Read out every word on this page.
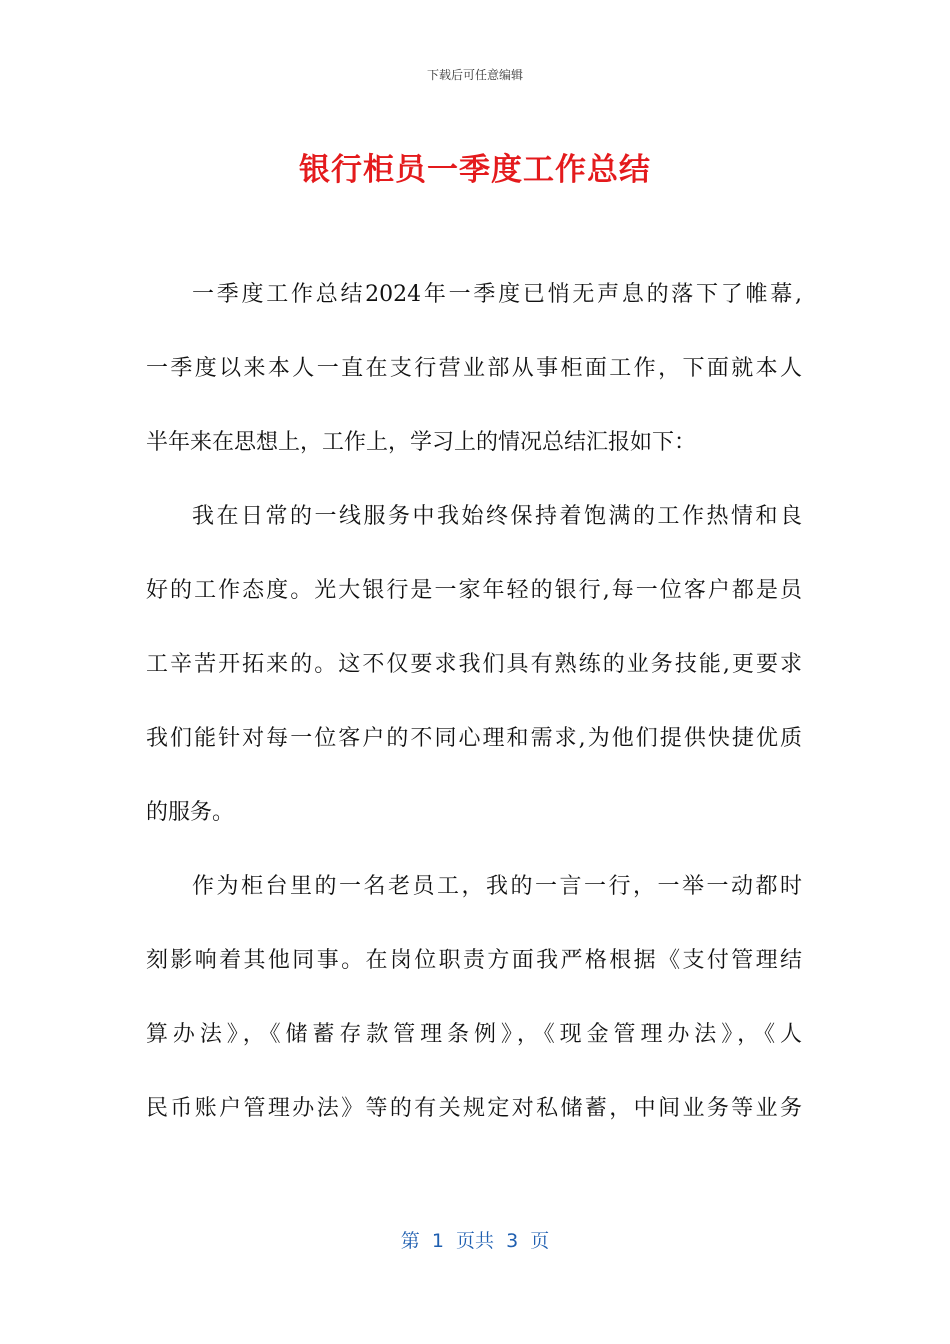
下载后可任意编辑
银行柜员一季度工作总结
一季度工作总结2024年一季度已悄无声息的落下了帷幕,
一季度以来本人一直在支行营业部从事柜面工作，下面就本人
半年来在思想上，工作上，学习上的情况总结汇报如下：
我在日常的一线服务中我始终保持着饱满的工作热情和良
好的工作态度。光大银行是一家年轻的银行,每一位客户都是员
工辛苦开拓来的。这不仅要求我们具有熟练的业务技能,更要求
我们能针对每一位客户的不同心理和需求,为他们提供快捷优质
的服务。
作为柜台里的一名老员工，我的一言一行，一举一动都时
刻影响着其他同事。在岗位职责方面我严格根据《支付管理结
算办法》，《储蓄存款管理条例》，《现金管理办法》，《人
民币账户管理办法》等的有关规定对私储蓄，中间业务等业务
第  1  页共  3  页
